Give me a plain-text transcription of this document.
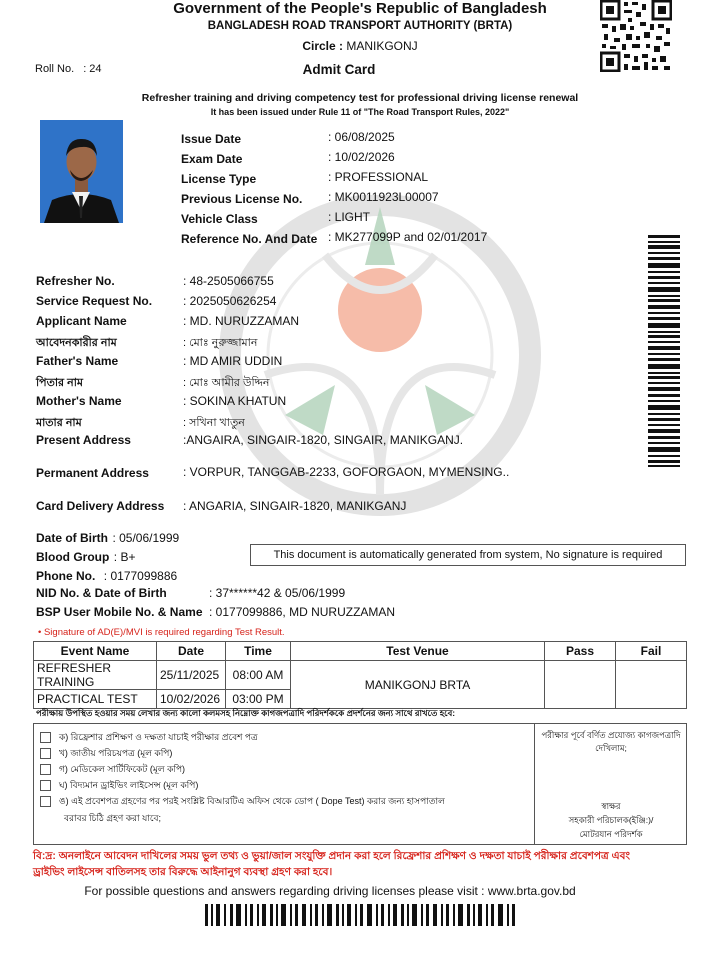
Government of the People's Republic of Bangladesh
BANGLADESH ROAD TRANSPORT AUTHORITY (BRTA)
Circle : MANIKGONJ
Roll No. : 24	Admit Card
Refresher training and driving competency test for professional driving license renewal
It has been issued under Rule 11 of "The Road Transport Rules, 2022"
Issue Date	: 06/08/2025
Exam Date	: 10/02/2026
License Type	: PROFESSIONAL
Previous License No. : MK0011923L00007
Vehicle Class	: LIGHT
Reference No. And Date : MK277099P and 02/01/2017
Refresher No.	: 48-2505066755
Service Request No.	: 2025050626254
Applicant Name	: MD. NURUZZAMAN
আবেদনকারীর নাম	: মোঃ নুরুজ্জামান
Father's Name	: MD AMIR UDDIN
পিতার নাম	: মোঃ আমীর উদ্দিন
Mother's Name	: SOKINA KHATUN
মাতার নাম	: সখিনা খাতুন
Present Address	:ANGAIRA, SINGAIR-1820, SINGAIR, MANIKGANJ.
Permanent Address	: VORPUR, TANGGAB-2233, GOFORGAON, MYMENSING..
Card Delivery Address : ANGARIA, SINGAIR-1820, MANIKGANJ
Date of Birth : 05/06/1999
Blood Group : B+
Phone No. : 0177099886
NID No. & Date of Birth	: 37******42 & 05/06/1999
BSP User Mobile No. & Name : 0177099886, MD NURUZZAMAN
This document is automatically generated from system, No signature is required
• Signature of AD(E)/MVI is required regarding Test Result.
Event Name	Date	Time	Test Venue	Pass	Fail
REFRESHER TRAINING	25/11/2025	08:00 AM	MANIKGONJ BRTA		
PRACTICAL TEST	10/02/2026	03:00 PM			
পরীক্ষায় উপস্থিত হওয়ার সময় লেখার জন্য কালো কলমসহ নিম্নোক্ত কাগজপত্রাদি পরিদর্শককে প্রদর্শনের জন্য সাথে রাখতে হবে:
ক) রিফ্রেশার প্রশিক্ষণ ও দক্ষতা যাচাই পরীক্ষার প্রবেশ পত্র
খ) জাতীয় পরিচয়পত্র (মূল কপি)
গ) মেডিকেল সার্টিফিকেট (মূল কপি)
ঘ) বিদ্যমান ড্রাইভিং লাইসেন্স (মূল কপি)
ঙ) এই প্রবেশপত্র গ্রহণের পর পরই সংশ্লিষ্ট বিআরটিএ অফিস থেকে ডোপ ( Dope Test) করার জন্য হাসপাতাল
বরাবর চিঠি গ্রহণ করা যাবে;
পরীক্ষার পূর্বে বর্ণিত প্রযোজ্য কাগজপত্রাদি
দেখিলাম;
স্বাক্ষর
সহকারী পরিচালক(ইঞ্জি:)/
মোটরযান পরিদর্শক
বি:দ্র: অনলাইনে আবেদন দাখিলের সময় ভুল তথ্য ও ভুয়া/জাল সংযুক্তি প্রদান করা হলে রিফ্রেশার প্রশিক্ষণ ও দক্ষতা যাচাই পরীক্ষার প্রবেশপত্র এবং
ড্রাইভিং লাইসেন্স বাতিলসহ তার বিরুদ্ধে আইনানুগ ব্যবস্থা গ্রহণ করা হবে।
For possible questions and answers regarding driving licenses please visit : www.brta.gov.bd
